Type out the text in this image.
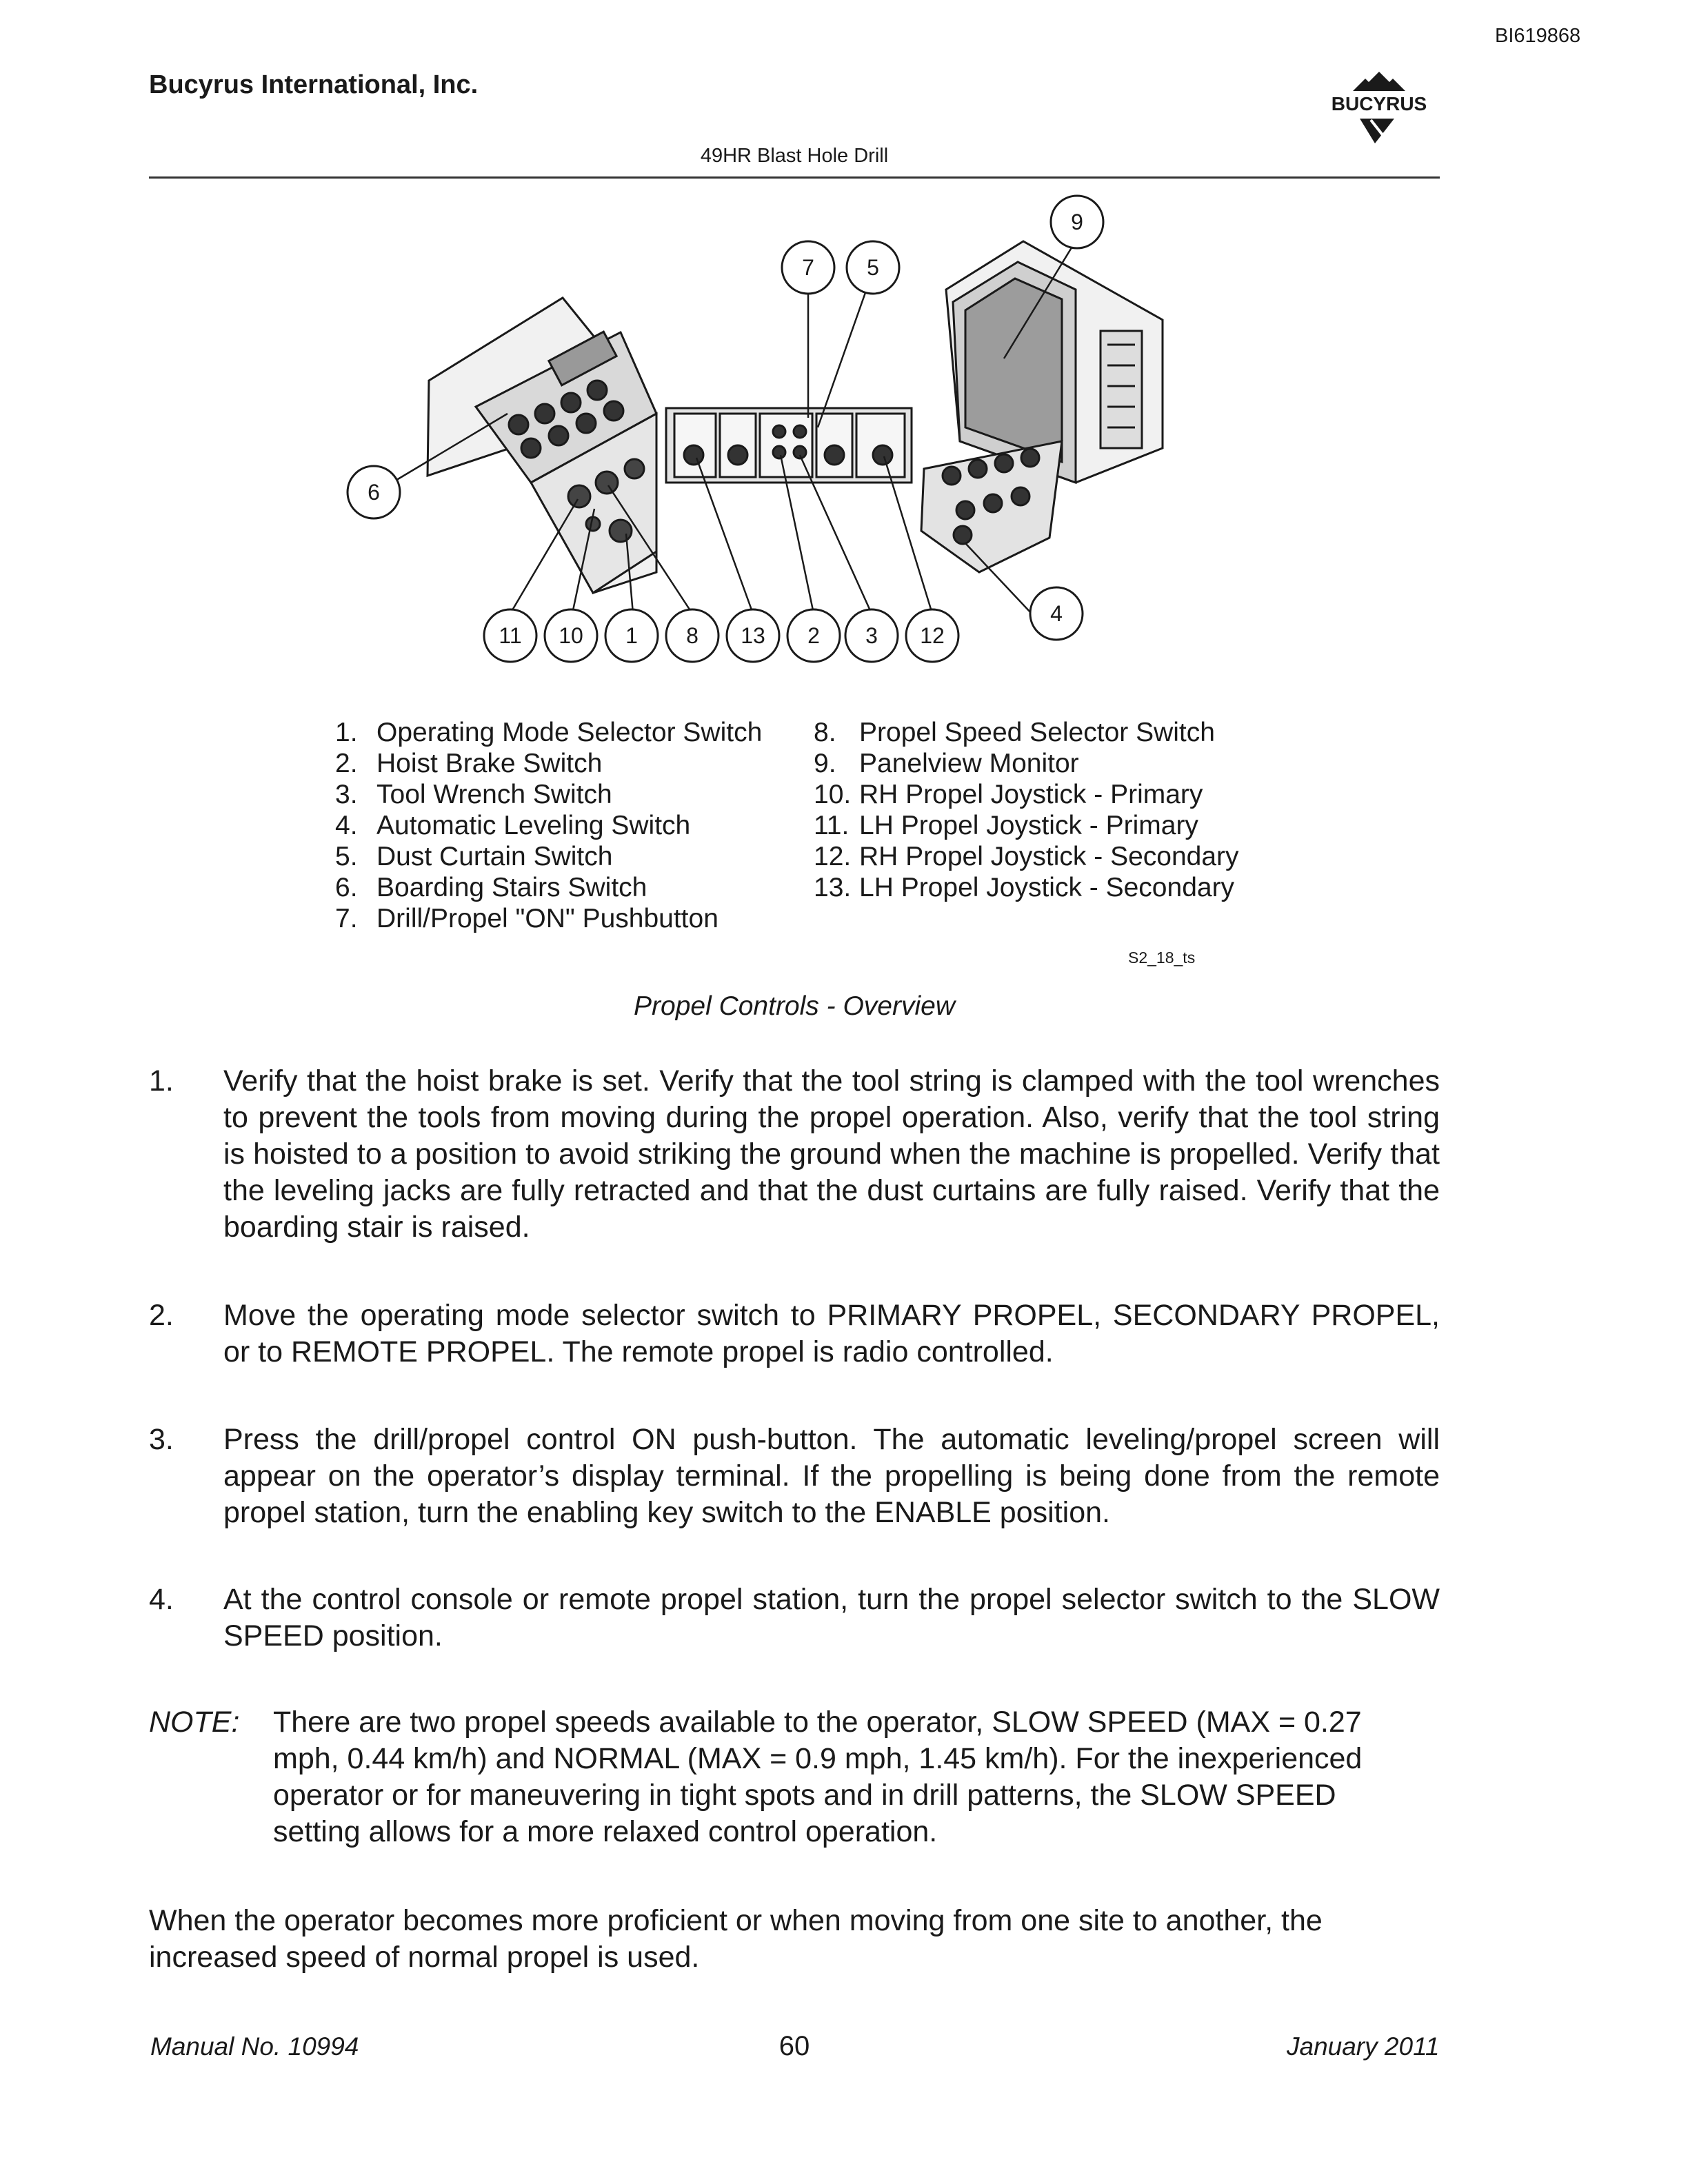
BI619868
Bucyrus International, Inc.
BUCYRUS
49HR Blast Hole Drill
9
7 5
6
4
11 10 1 8 13 2 3 12
1. Operating Mode Selector Switch
2. Hoist Brake Switch
3. Tool Wrench Switch
4. Automatic Leveling Switch
5. Dust Curtain Switch
6. Boarding Stairs Switch
7. Drill/Propel "ON" Pushbutton
8. Propel Speed Selector Switch
9. Panelview Monitor
10. RH Propel Joystick - Primary
11. LH Propel Joystick - Primary
12. RH Propel Joystick - Secondary
13. LH Propel Joystick - Secondary
S2_18_ts
Propel Controls - Overview
1. Verify that the hoist brake is set. Verify that the tool string is clamped with the tool wrenches to prevent the tools from moving during the propel operation. Also, verify that the tool string is hoisted to a position to avoid striking the ground when the machine is propelled. Verify that the leveling jacks are fully retracted and that the dust curtains are fully raised. Verify that the boarding stair is raised.
2. Move the operating mode selector switch to PRIMARY PROPEL, SECONDARY PROPEL, or to REMOTE PROPEL. The remote propel is radio controlled.
3. Press the drill/propel control ON push-button. The automatic leveling/propel screen will appear on the operator’s display terminal. If the propelling is being done from the remote propel station, turn the enabling key switch to the ENABLE position.
4. At the control console or remote propel station, turn the propel selector switch to the SLOW SPEED position.
NOTE: There are two propel speeds available to the operator, SLOW SPEED (MAX = 0.27 mph, 0.44 km/h) and NORMAL (MAX = 0.9 mph, 1.45 km/h). For the inexperienced operator or for maneuvering in tight spots and in drill patterns, the SLOW SPEED setting allows for a more relaxed control operation.
When the operator becomes more proficient or when moving from one site to another, the increased speed of normal propel is used.
Manual No. 10994	60	January 2011
